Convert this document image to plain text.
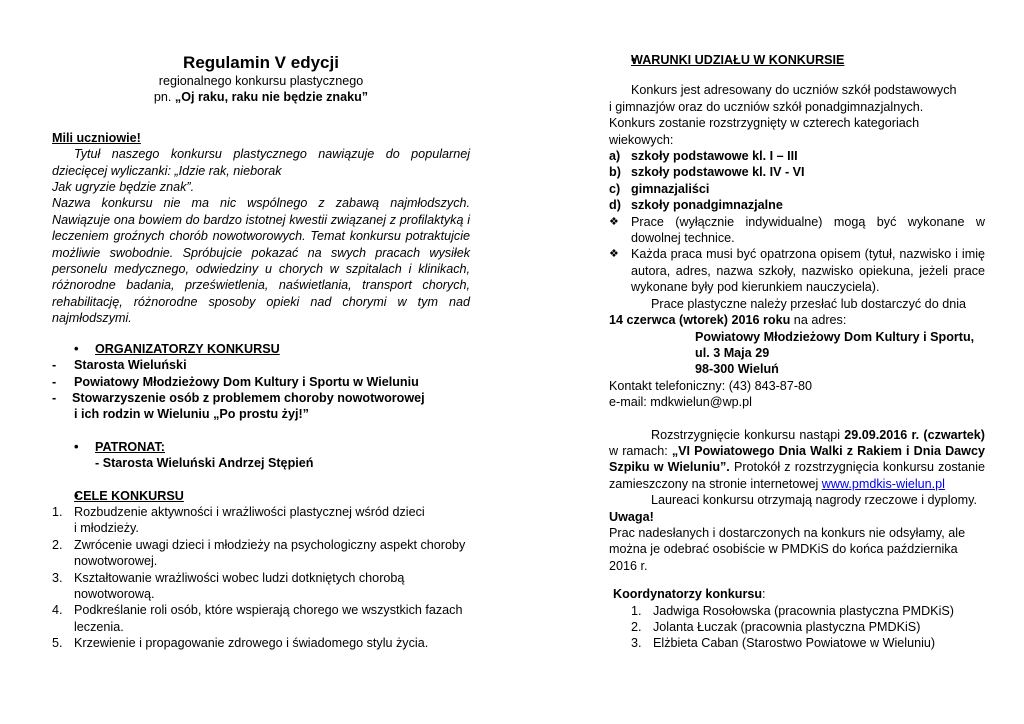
Regulamin V edycji

regionalnego konkursu plastycznego
pn. „Oj raku, raku nie będzie znaku”
Mili uczniowie!
Tytuł naszego konkursu plastycznego nawiązuje do popularnej dziecięcej wyliczanki: „Idzie rak, nieborak
Jak ugryzie będzie znak”.
Nazwa konkursu nie ma nic wspólnego z zabawą najmłodszych. Nawiązuje ona bowiem do bardzo istotnej kwestii związanej z profilaktyką i leczeniem groźnych chorób nowotworowych. Temat konkursu potraktujcie możliwie swobodnie. Spróbujcie pokazać na swych pracach wysiłek personelu medycznego, odwiedziny u chorych w szpitalach i klinikach, różnorodne badania, prześwietlenia, naświetlania, transport chorych, rehabilitację, różnorodne sposoby opieki nad chorymi w tym nad najmłodszymi.
• ORGANIZATORZY KONKURSU
- Starosta Wieluński
- Powiatowy Młodzieżowy Dom Kultury i Sportu w Wieluniu
- Stowarzyszenie osób z problemem choroby nowotworowej
i ich rodzin w Wieluniu „Po prostu żyj!”
• PATRONAT:
- Starosta Wieluński Andrzej Stępień
• CELE KONKURSU
1. Rozbudzenie aktywności i wrażliwości plastycznej wśród dzieci
i młodzieży.
2. Zwrócenie uwagi dzieci i młodzieży na psychologiczny aspekt choroby
nowotworowej.
3. Kształtowanie wrażliwości wobec ludzi dotkniętych chorobą nowotworową.
4. Podkreślanie roli osób, które wspierają chorego we wszystkich fazach
leczenia.
5. Krzewienie i propagowanie zdrowego i świadomego stylu życia.
• WARUNKI UDZIAŁU W KONKURSIE
Konkurs jest adresowany do uczniów szkół podstawowych
i gimnazjów oraz do uczniów szkół ponadgimnazjalnych.
Konkurs zostanie rozstrzygnięty w czterech kategoriach wiekowych:
a) szkoły podstawowe kl. I – III
b) szkoły podstawowe kl. IV - VI
c) gimnazjaliści
d) szkoły ponadgimnazjalne
❖ Prace (wyłącznie indywidualne) mogą być wykonane w dowolnej technice.
❖ Każda praca musi być opatrzona opisem (tytuł, nazwisko i imię autora, adres, nazwa szkoły, nazwisko opiekuna, jeżeli prace wykonane były pod kierunkiem nauczyciela).
Prace plastyczne należy przesłać lub dostarczyć do dnia
14 czerwca (wtorek) 2016 roku na adres:
Powiatowy Młodzieżowy Dom Kultury i Sportu,
ul. 3 Maja 29
98-300 Wieluń
Kontakt telefoniczny: (43) 843-87-80
e-mail: mdkwielun@wp.pl
Rozstrzygnięcie konkursu nastąpi 29.09.2016 r. (czwartek) w ramach: „VI Powiatowego Dnia Walki z Rakiem i Dnia Dawcy Szpiku w Wieluniu”. Protokół z rozstrzygnięcia konkursu zostanie zamieszczony na stronie internetowej www.pmdkis-wielun.pl
Laureaci konkursu otrzymają nagrody rzeczowe i dyplomy.
Uwaga!
Prac nadesłanych i dostarczonych na konkurs nie odsyłamy, ale
można je odebrać osobiście w PMDKiS do końca października 2016 r.
Koordynatorzy konkursu:
1. Jadwiga Rosołowska (pracownia plastyczna PMDKiS)
2. Jolanta Łuczak (pracownia plastyczna PMDKiS)
3. Elżbieta Caban (Starostwo Powiatowe w Wieluniu)
